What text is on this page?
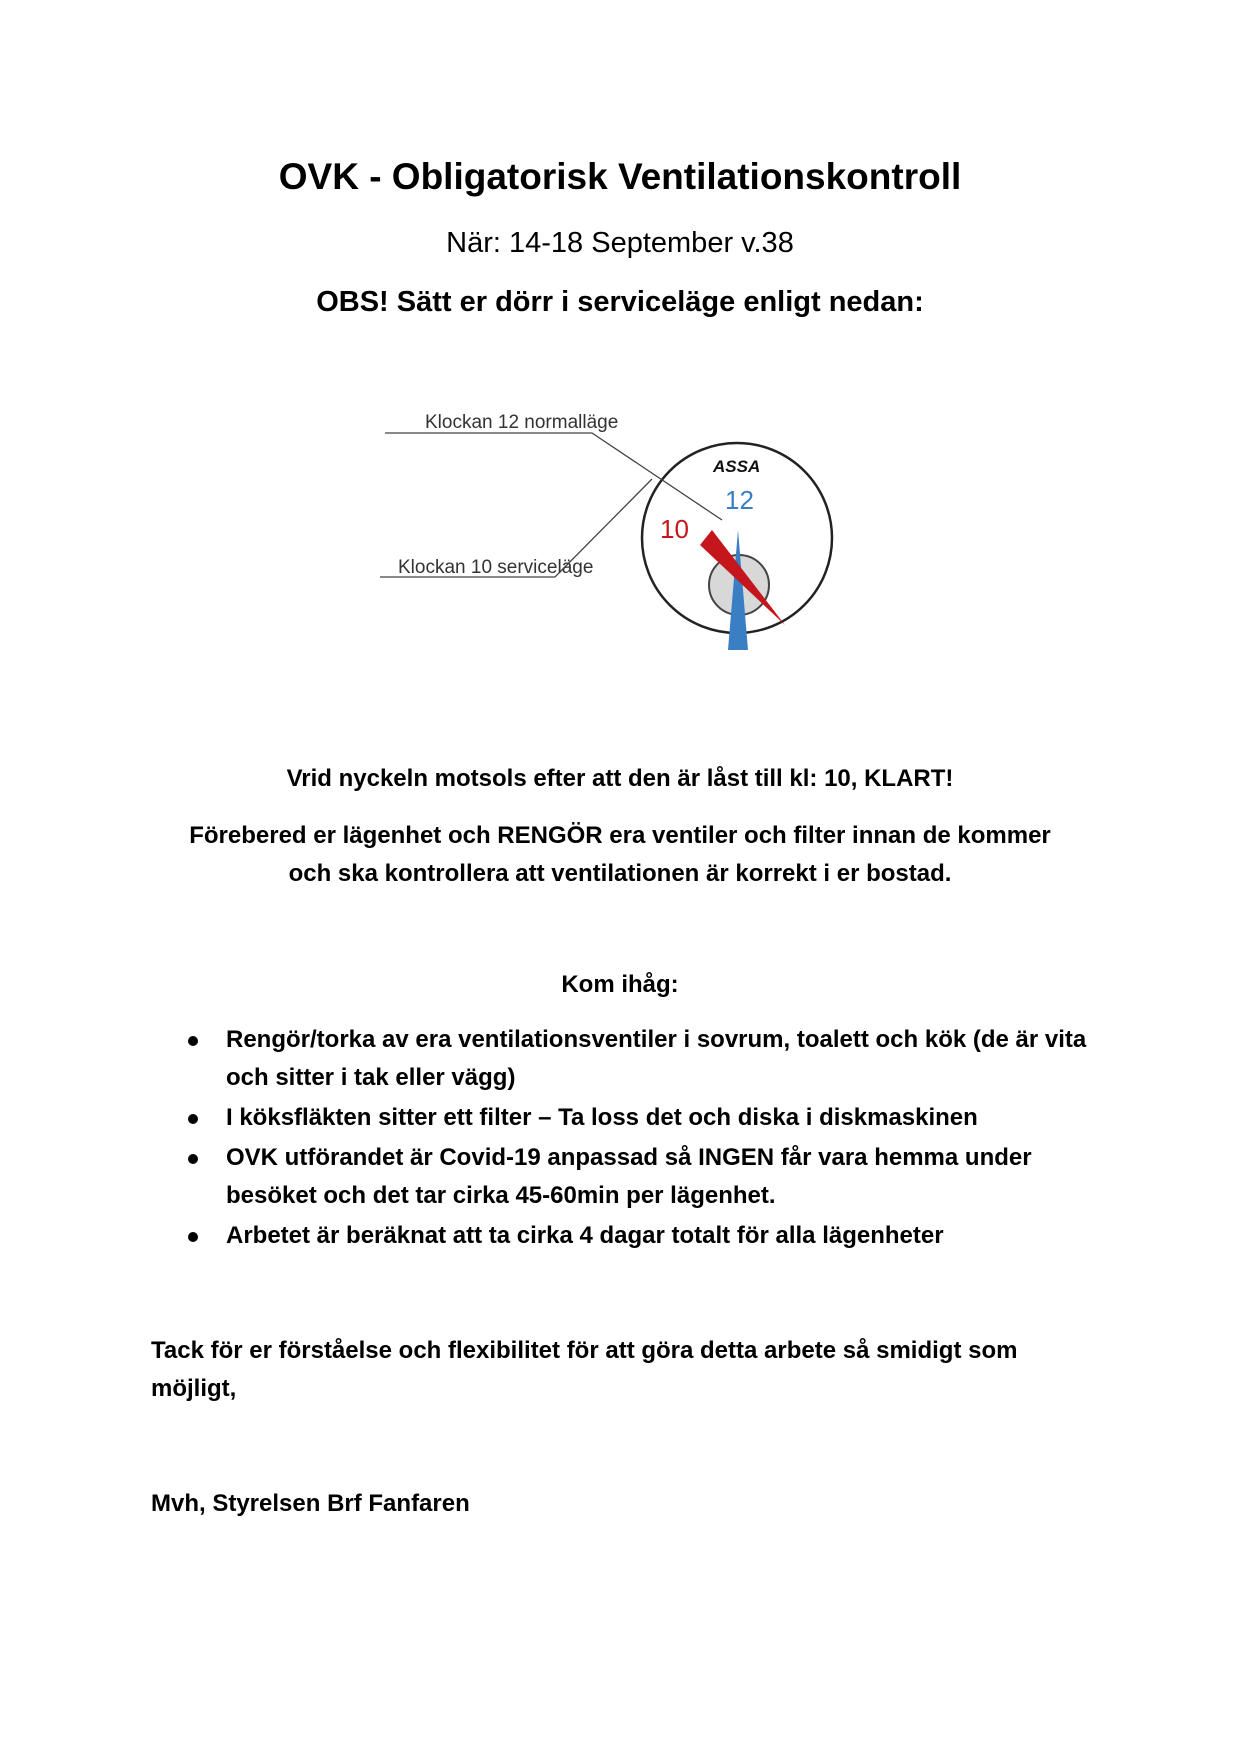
OVK - Obligatorisk Ventilationskontroll
När: 14-18 September v.38
OBS! Sätt er dörr i serviceläge enligt nedan:
Klockan 12 normalläge
Klockan 10 serviceläge
ASSA
12
10
Vrid nyckeln motsols efter att den är låst till kl: 10, KLART!
Förebered er lägenhet och RENGÖR era ventiler och filter innan de kommer
och ska kontrollera att ventilationen är korrekt i er bostad.
Kom ihåg:
Rengör/torka av era ventilationsventiler i sovrum, toalett och kök (de är vita och sitter i tak eller vägg)
I köksfläkten sitter ett filter – Ta loss det och diska i diskmaskinen
OVK utförandet är Covid-19 anpassad så INGEN får vara hemma under besöket och det tar cirka 45-60min per lägenhet.
Arbetet är beräknat att ta cirka 4 dagar totalt för alla lägenheter
Tack för er förståelse och flexibilitet för att göra detta arbete så smidigt som möjligt,
Mvh, Styrelsen Brf Fanfaren
